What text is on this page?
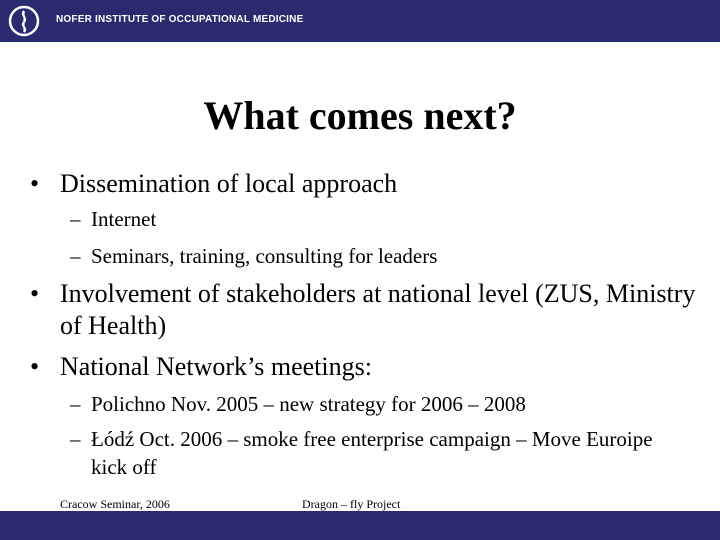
NOFER INSTITUTE OF OCCUPATIONAL MEDICINE
What comes next?
• Dissemination of local approach
– Internet
– Seminars, training, consulting for leaders
• Involvement of stakeholders at national level (ZUS, Ministry of Health)
• National Network’s meetings:
– Polichno Nov. 2005 – new strategy for 2006 – 2008
– Łódź Oct. 2006 – smoke free enterprise campaign – Move Euroipe kick off
Cracow Seminar, 2006	Dragon – fly Project
